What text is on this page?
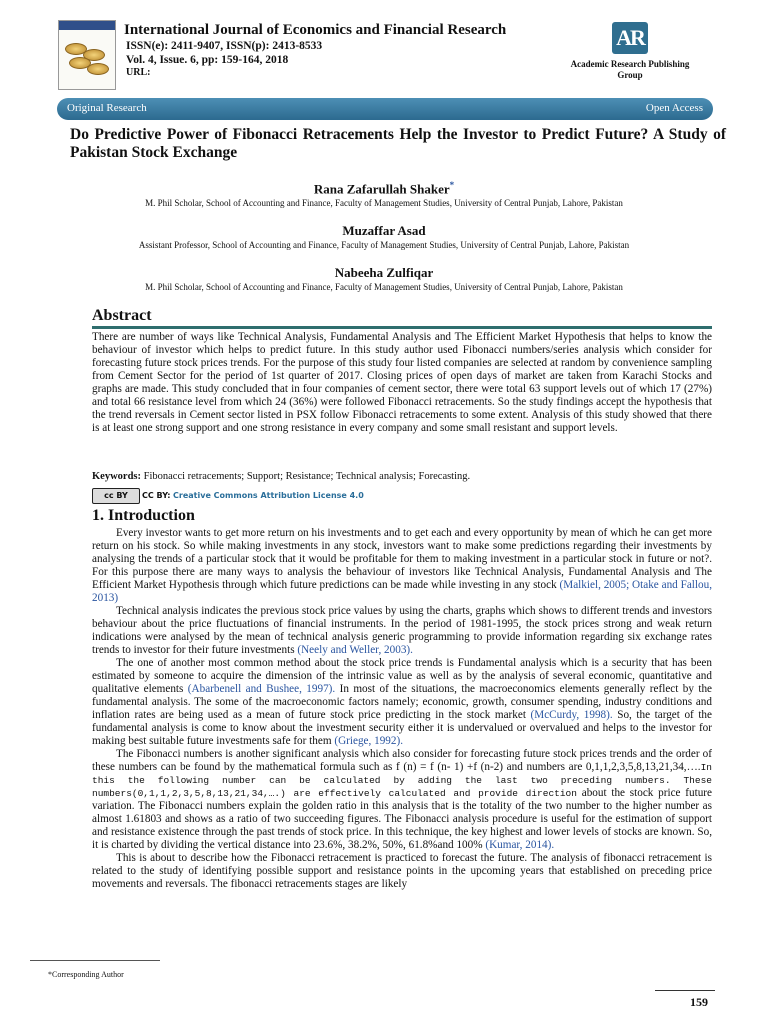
International Journal of Economics and Financial Research
ISSN(e): 2411-9407, ISSN(p): 2413-8533
Vol. 4, Issue. 6, pp: 159-164, 2018
URL:
AR
Academic Research Publishing Group
Original Research	Open Access
Do Predictive Power of Fibonacci Retracements Help the Investor to Predict Future? A Study of Pakistan Stock Exchange
Rana Zafarullah Shaker*
M. Phil Scholar, School of Accounting and Finance, Faculty of Management Studies, University of Central Punjab, Lahore, Pakistan
Muzaffar Asad
Assistant Professor, School of Accounting and Finance, Faculty of Management Studies, University of Central Punjab, Lahore, Pakistan
Nabeeha Zulfiqar
M. Phil Scholar, School of Accounting and Finance, Faculty of Management Studies, University of Central Punjab, Lahore, Pakistan
Abstract
There are number of ways like Technical Analysis, Fundamental Analysis and The Efficient Market Hypothesis that helps to know the behaviour of investor which helps to predict future. In this study author used Fibonacci numbers/series analysis which consider for forecasting future stock prices trends. For the purpose of this study four listed companies are selected at random by convenience sampling from Cement Sector for the period of 1st quarter of 2017. Closing prices of open days of market are taken from Karachi Stocks and graphs are made. This study concluded that in four companies of cement sector, there were total 63 support levels out of which 17 (27%) and total 66 resistance level from which 24 (36%) were followed Fibonacci retracements. So the study findings accept the hypothesis that the trend reversals in Cement sector listed in PSX follow Fibonacci retracements to some extent. Analysis of this study showed that there is at least one strong support and one strong resistance in every company and some small resistant and support levels.
Keywords: Fibonacci retracements; Support; Resistance; Technical analysis; Forecasting.
cc BY	CC BY: Creative Commons Attribution License 4.0
1. Introduction

Every investor wants to get more return on his investments and to get each and every opportunity by mean of which he can get more return on his stock. So while making investments in any stock, investors want to make some predictions regarding their investments by analysing the trends of a particular stock that it would be profitable for them to making investment in a particular stock in future or not?. For this purpose there are many ways to analysis the behaviour of investors like Technical Analysis, Fundamental Analysis and The Efficient Market Hypothesis through which future predictions can be made while investing in any stock (Malkiel, 2005; Otake and Fallou, 2013)

Technical analysis indicates the previous stock price values by using the charts, graphs which shows to different trends and investors behaviour about the price fluctuations of financial instruments. In the period of 1981-1995, the stock prices strong and weak return indications were analysed by the mean of technical analysis generic programming to provide information regarding six exchange rates trends to investor for their future investments (Neely and Weller, 2003).

The one of another most common method about the stock price trends is Fundamental analysis which is a security that has been estimated by someone to acquire the dimension of the intrinsic value as well as by the analysis of several economic, quantitative and qualitative elements (Abarbenell and Bushee, 1997). In most of the situations, the macroeconomics elements generally reflect by the fundamental analysis. The some of the macroeconomic factors namely; economic, growth, consumer spending, industry conditions and inflation rates are being used as a mean of future stock price predicting in the stock market (McCurdy, 1998). So, the target of the fundamental analysis is come to know about the investment security either it is undervalued or overvalued and helps to the investor for making best suitable future investments safe for them (Griege, 1992).

The Fibonacci numbers is another significant analysis which also consider for forecasting future stock prices trends and the order of these numbers can be found by the mathematical formula such as f (n) = f (n- 1) +f (n-2) and numbers are 0,1,1,2,3,5,8,13,21,34,….In this the following number can be calculated by adding the last two preceding numbers. These numbers(0,1,1,2,3,5,8,13,21,34,….) are effectively calculated and provide direction about the stock price future variation. The Fibonacci numbers explain the golden ratio in this analysis that is the totality of the two number to the higher number as almost 1.61803 and shows as a ratio of two succeeding figures. The Fibonacci analysis procedure is useful for the estimation of support and resistance existence through the past trends of stock price. In this technique, the key highest and lower levels of stocks are known. So, it is charted by dividing the vertical distance into 23.6%, 38.2%, 50%, 61.8%and 100% (Kumar, 2014).

This is about to describe how the Fibonacci retracement is practiced to forecast the future. The analysis of fibonacci retracement is related to the study of identifying possible support and resistance points in the upcoming years that established on preceding price movements and reversals. The fibonacci retracements stages are likely

*Corresponding Author
159
